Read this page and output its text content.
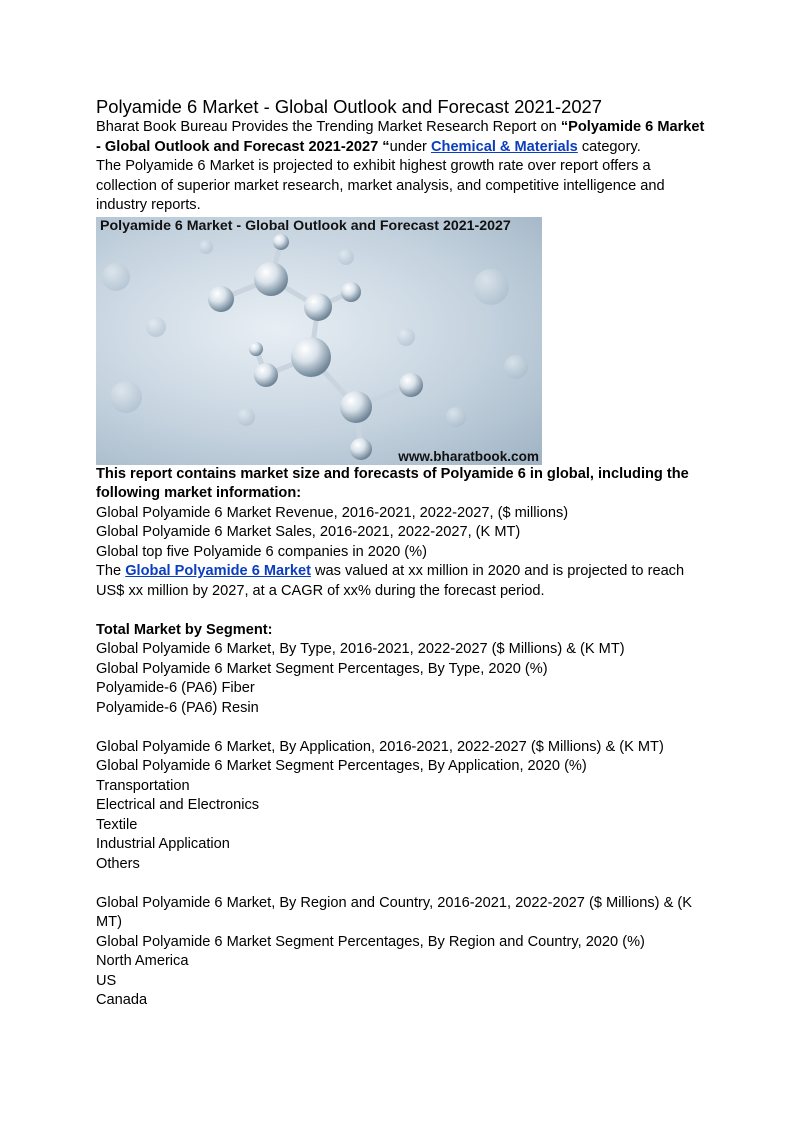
Polyamide 6 Market - Global Outlook and Forecast 2021-2027

Bharat Book Bureau Provides the Trending Market Research Report on “Polyamide 6 Market - Global Outlook and Forecast 2021-2027 “under Chemical & Materials category.

The Polyamide 6 Market is projected to exhibit highest growth rate over report offers a collection of superior market research, market analysis, and competitive intelligence and industry reports.

Polyamide 6 Market - Global Outlook and Forecast 2021-2027
www.bharatbook.com

This report contains market size and forecasts of Polyamide 6 in global, including the following market information:

Global Polyamide 6 Market Revenue, 2016-2021, 2022-2027, ($ millions)

Global Polyamide 6 Market Sales, 2016-2021, 2022-2027, (K MT)

Global top five Polyamide 6 companies in 2020 (%)

The Global Polyamide 6 Market was valued at xx million in 2020 and is projected to reach US$ xx million by 2027, at a CAGR of xx% during the forecast period.

Total Market by Segment:

Global Polyamide 6 Market, By Type, 2016-2021, 2022-2027 ($ Millions) & (K MT)

Global Polyamide 6 Market Segment Percentages, By Type, 2020 (%)

Polyamide-6 (PA6) Fiber

Polyamide-6 (PA6) Resin

Global Polyamide 6 Market, By Application, 2016-2021, 2022-2027 ($ Millions) & (K MT)

Global Polyamide 6 Market Segment Percentages, By Application, 2020 (%)

Transportation

Electrical and Electronics

Textile

Industrial Application

Others

Global Polyamide 6 Market, By Region and Country, 2016-2021, 2022-2027 ($ Millions) & (K MT)

Global Polyamide 6 Market Segment Percentages, By Region and Country, 2020 (%)

North America

US

Canada
